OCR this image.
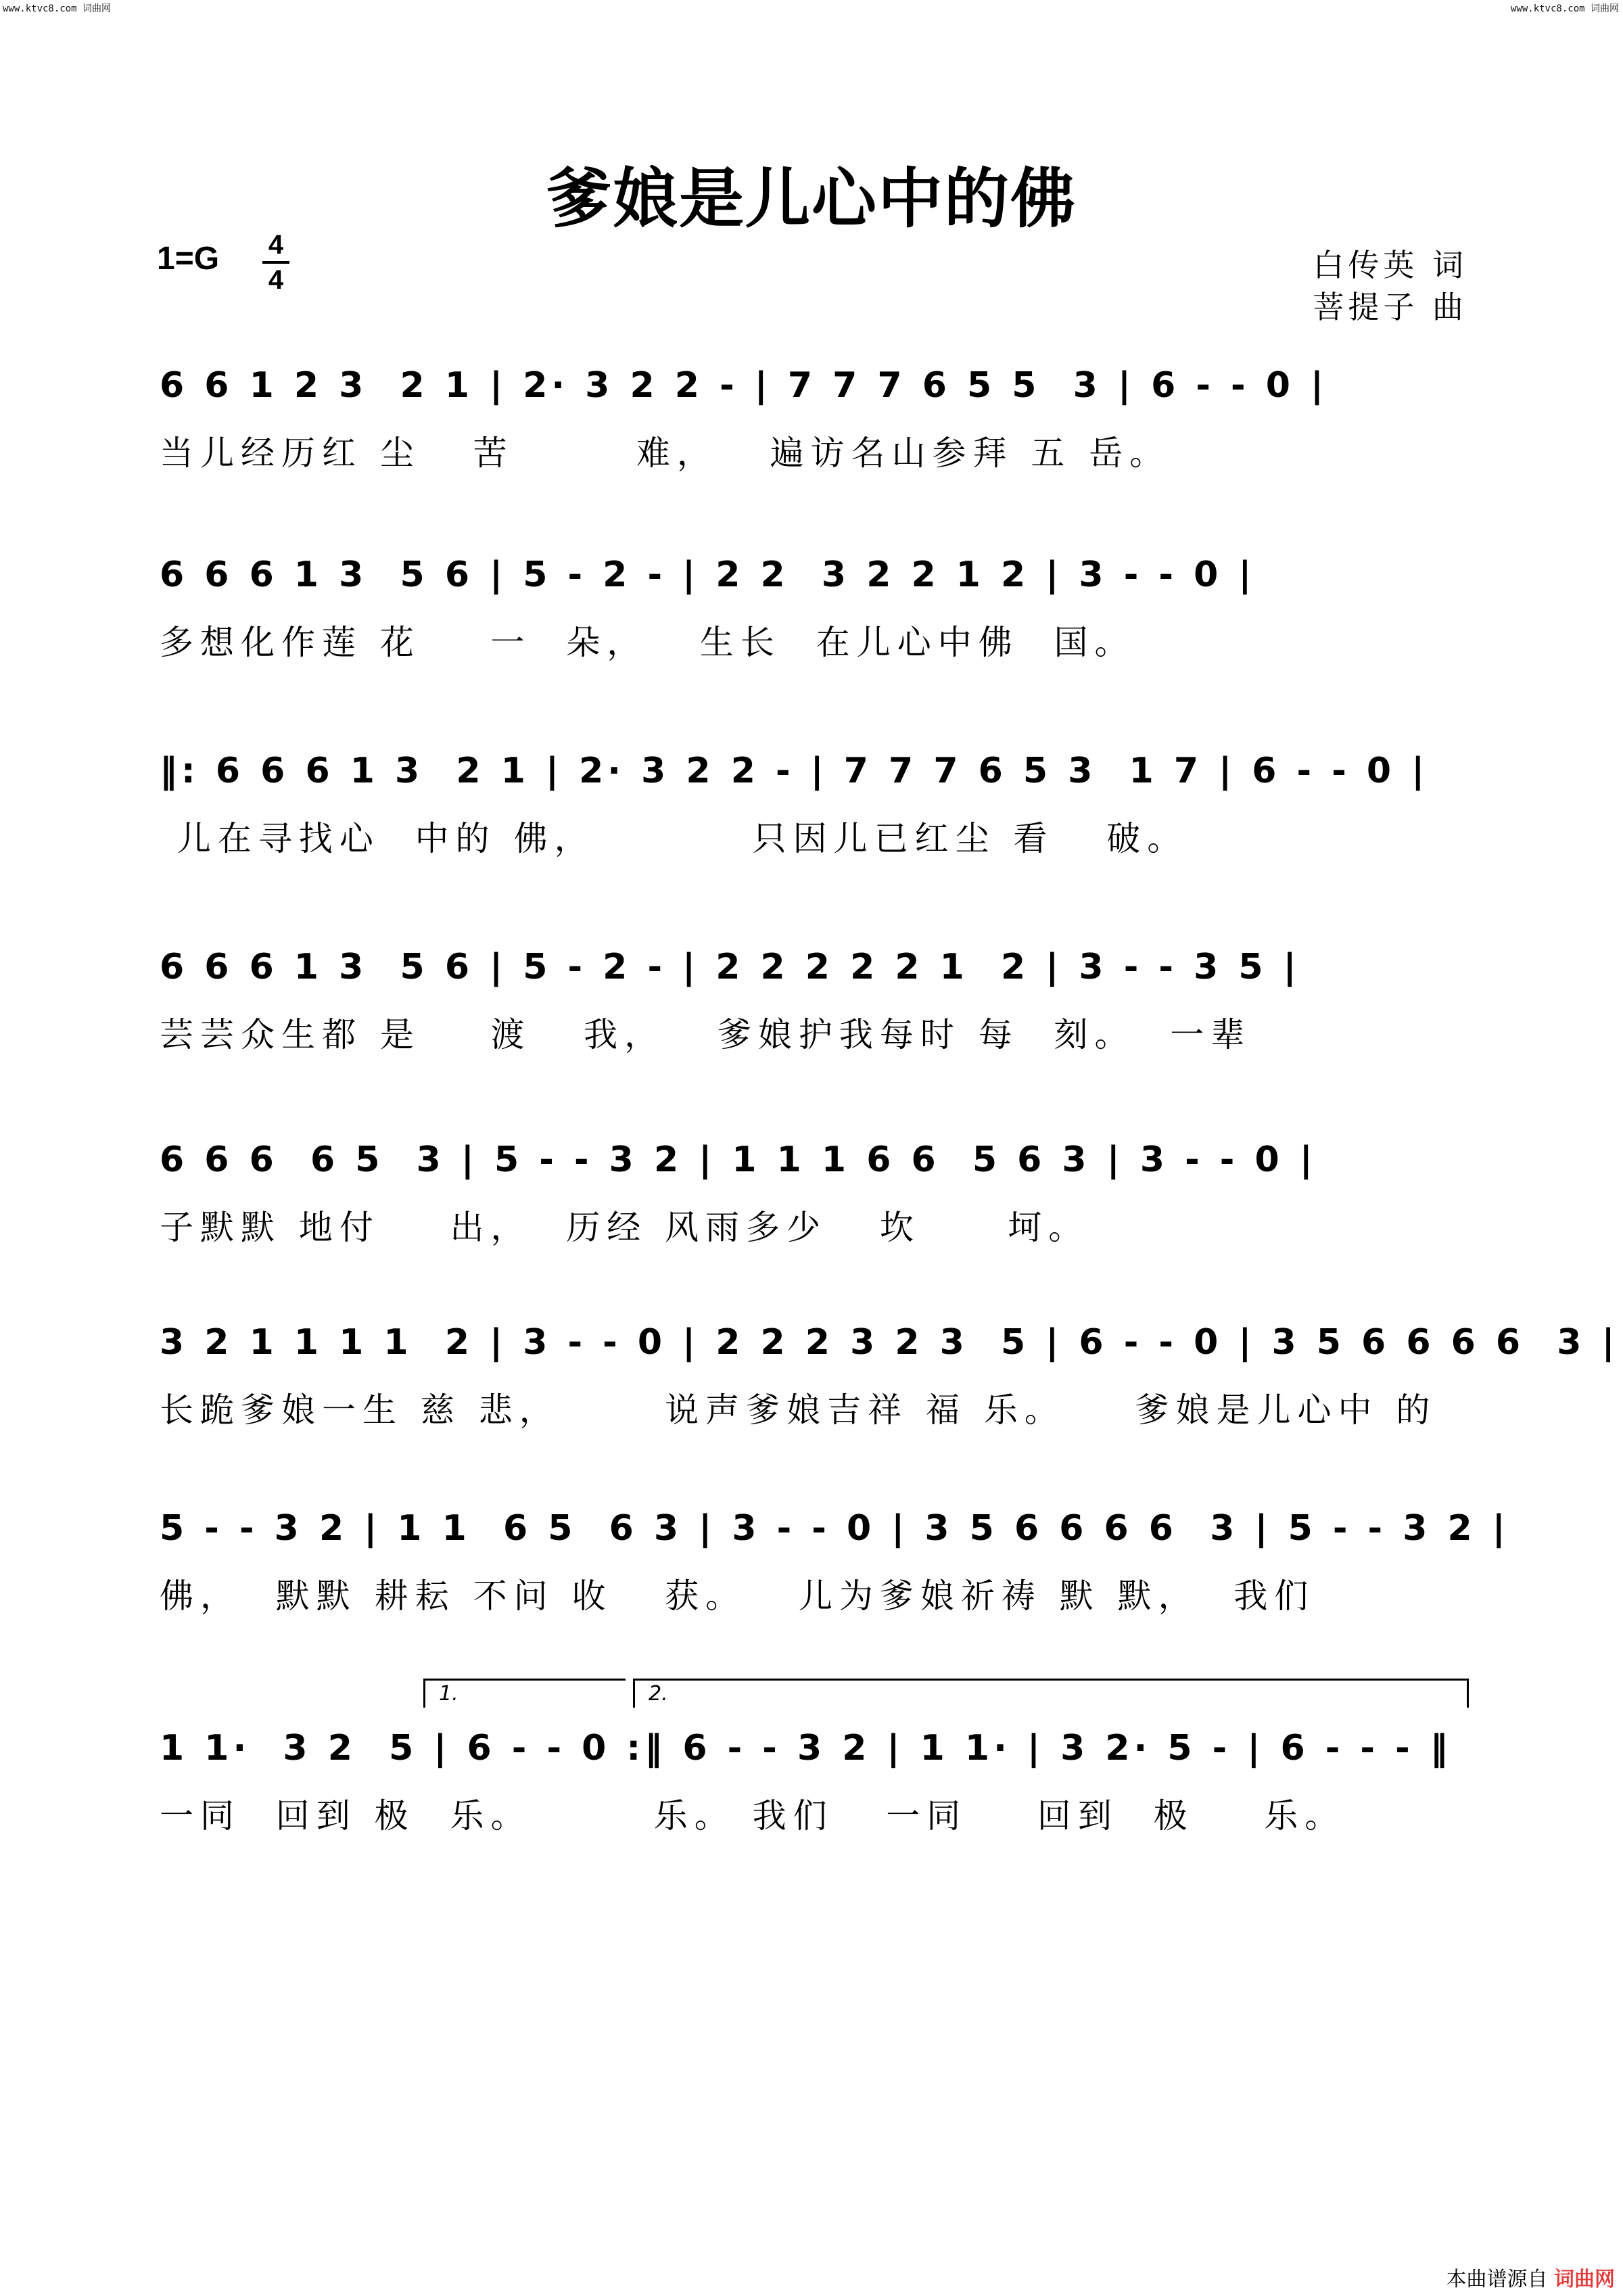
www.ktvc8.com 词曲网	www.ktvc8.com 词曲网
爹娘是儿心中的佛
1=G 4
4	白传英 词
菩提子 曲
6 6 1 2 3  2 1 | 2· 3 2 2 - | 7 7 7 6 5 5  3 | 6 - - 0 |
当儿经历红 尘   苦       难，   遍访名山参拜 五 岳。
6 6 6 1 3  5 6 | 5 - 2 - | 2 2  3 2 2 1 2 | 3 - - 0 |
多想化作莲 花    一  朵，   生长  在儿心中佛  国。
‖: 6 6 6 1 3  2 1 | 2· 3 2 2 - | 7 7 7 6 5 3  1 7 | 6 - - 0 |
儿在寻找心  中的 佛，         只因儿已红尘 看   破。
6 6 6 1 3  5 6 | 5 - 2 - | 2 2 2 2 2 1  2 | 3 - - 3 5 |
芸芸众生都 是    渡   我，   爹娘护我每时 每  刻。  一辈
6 6 6  6 5  3 | 5 - - 3 2 | 1 1 1 6 6  5 6 3 | 3 - - 0 |
子默默 地付    出，  历经 风雨多少   坎     坷。
3 2 1 1 1 1  2 | 3 - - 0 | 2 2 2 3 2 3  5 | 6 - - 0 | 3 5 6 6 6 6  3 |
长跪爹娘一生 慈 悲，      说声爹娘吉祥 福 乐。    爹娘是儿心中 的
5 - - 3 2 | 1 1  6 5  6 3 | 3 - - 0 | 3 5 6 6 6 6  3 | 5 - - 3 2 |
佛，  默默 耕耘 不问 收   获。   儿为爹娘祈祷 默 默，  我们
1.	2.
1 1·  3 2  5 | 6 - - 0 :‖ 6 - - 3 2 | 1 1· | 3 2· 5 - | 6 - - - ‖
一同  回到 极  乐。       乐。 我们   一同    回到  极    乐。
本曲谱源自 词曲网
